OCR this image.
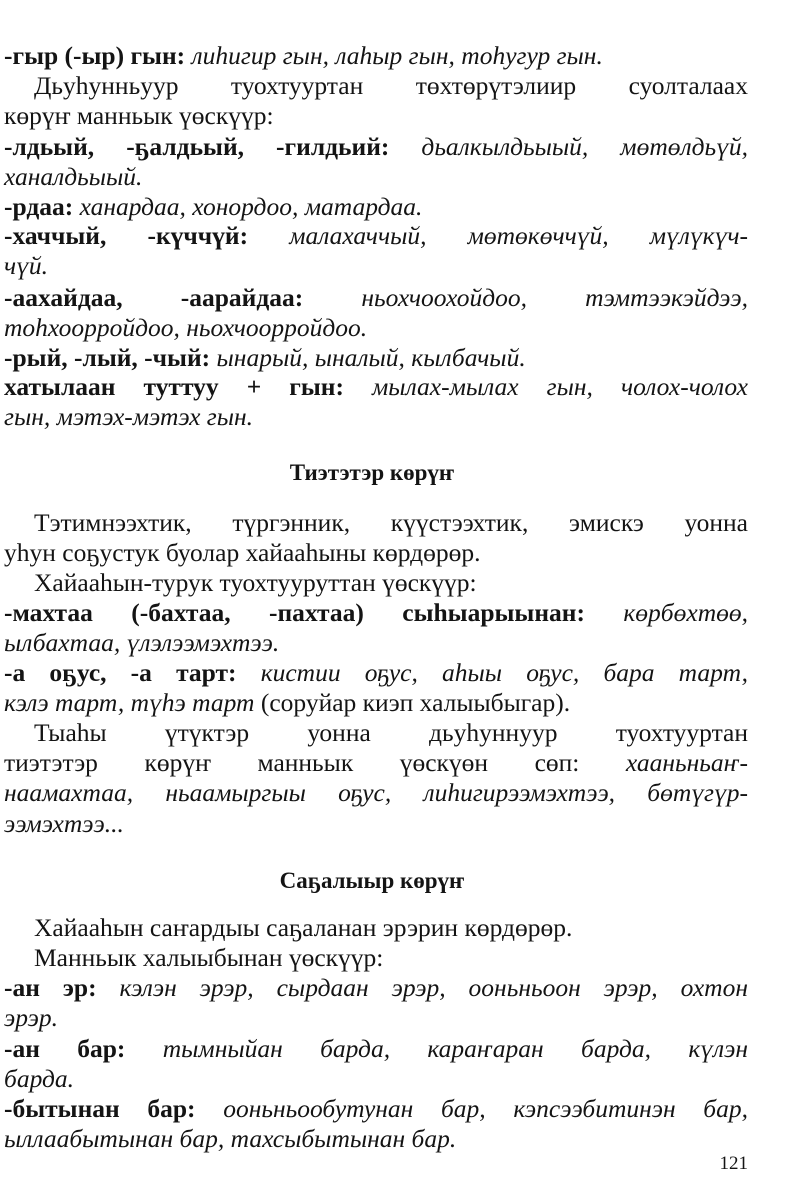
-гыр (-ыр) гын: лиһигир гын, лаһыр гын, тоһугур гын.
Дьуһунньуур туохтууртан төхтөрүтэлиир суолталаах
көрүҥ манньык үөскүүр:
-лдьый, -ҕалдьый, -гилдьий: дьалкылдьыый, мөтөлдьүй,
ханалдьыый.
-рдаа: ханардаа, хонордоо, матардаа.
-хаччый, -күччүй: малахаччый, мөтөкөччүй, мүлүкүч-
чүй.
-аахайдаа, -аарайдаа: ньохчоохойдоо, тэмтээкэйдээ,
тоһхоорройдоо, ньохчоорройдоо.
-рый, -лый, -чый: ынарый, ыналый, кылбачый.
хатылаан туттуу + гын: мылах-мылах гын, чолох-чолох
гын, мэтэх-мэтэх гын.
Тиэтэтэр көрүҥ
Тэтимнээхтик, түргэнник, күүстээхтик, эмискэ уонна
уһун соҕустук буолар хайааһыны көрдөрөр.
Хайааһын-турук туохтууруттан үөскүүр:
-махтаа (-бахтаа, -пахтаа) сыһыарыынан: көрбөхтөө,
ылбахтаа, үлэлээмэхтээ.
-а оҕус, -а тарт: кистии оҕус, аһыы оҕус, бара тарт,
кэлэ тарт, түһэ тарт (соруйар киэп халыыбыгар).
Тыаһы үтүктэр уонна дьуһуннуур туохтууртан
тиэтэтэр көрүҥ манньык үөскүөн сөп: хааньньаҥ-
наамахтаа, ньаамыргыы оҕус, лиһигирээмэхтээ, бөтүгүр-
ээмэхтээ...
Саҕалыыр көрүҥ
Хайааһын саҥардыы саҕаланан эрэрин көрдөрөр.
Манньык халыыбынан үөскүүр:
-ан эр: кэлэн эрэр, сырдаан эрэр, ооньньоон эрэр, охтон
эрэр.
-ан бар: тымныйан барда, караҥаран барда, күлэн
барда.
-бытынан бар: ооньньообутунан бар, кэпсээбитинэн бар,
ыллаабытынан бар, тахсыбытынан бар.
121
